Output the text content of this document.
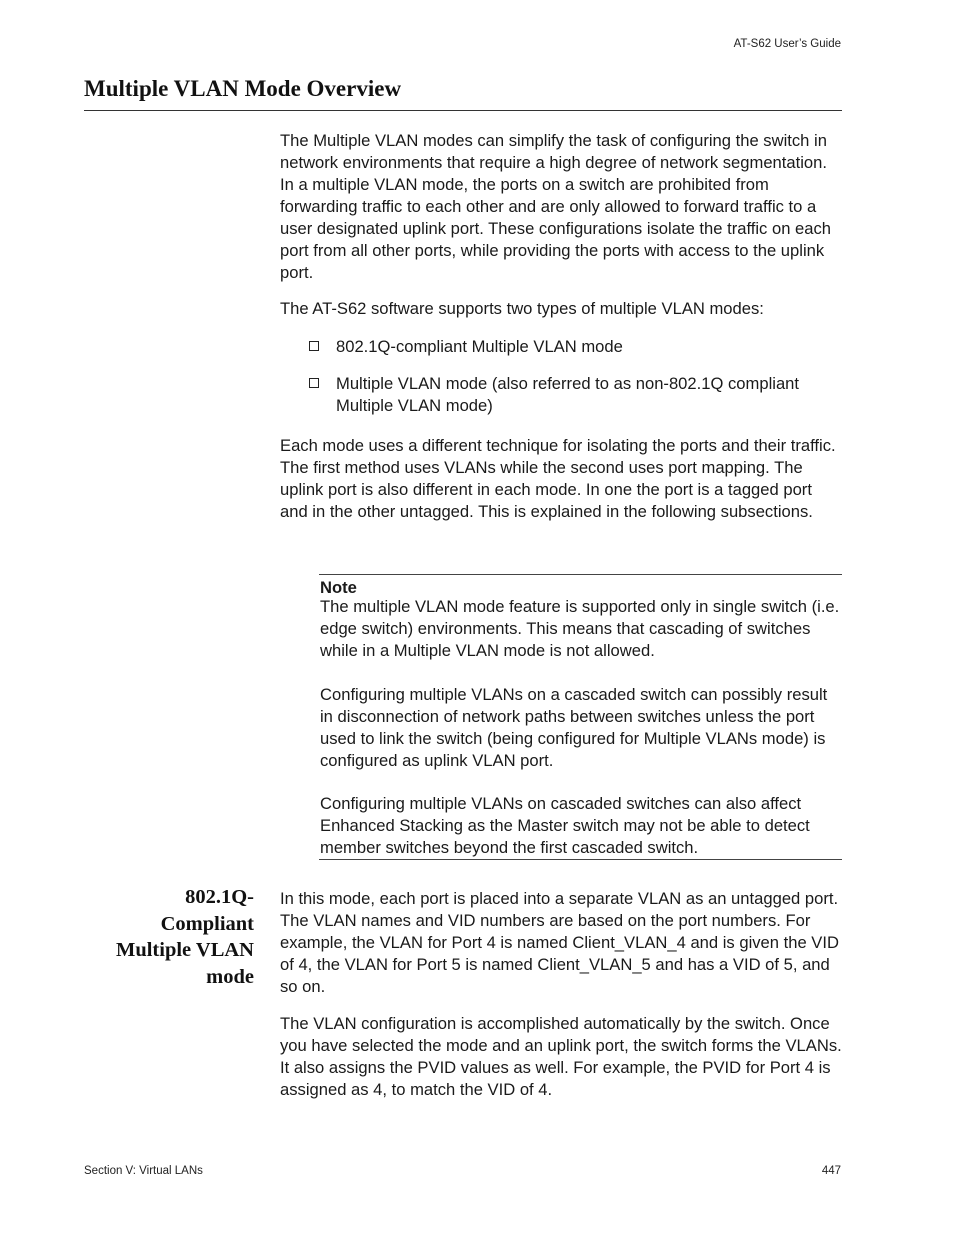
AT-S62 User’s Guide
Multiple VLAN Mode Overview

The Multiple VLAN modes can simplify the task of configuring the switch in network environments that require a high degree of network segmentation. In a multiple VLAN mode, the ports on a switch are prohibited from forwarding traffic to each other and are only allowed to forward traffic to a user designated uplink port. These configurations isolate the traffic on each port from all other ports, while providing the ports with access to the uplink port.

The AT-S62 software supports two types of multiple VLAN modes:

802.1Q-compliant Multiple VLAN mode
Multiple VLAN mode (also referred to as non-802.1Q compliant Multiple VLAN mode)

Each mode uses a different technique for isolating the ports and their traffic. The first method uses VLANs while the second uses port mapping. The uplink port is also different in each mode. In one the port is a tagged port and in the other untagged. This is explained in the following subsections.

Note

The multiple VLAN mode feature is supported only in single switch (i.e. edge switch) environments. This means that cascading of switches while in a Multiple VLAN mode is not allowed.

Configuring multiple VLANs on a cascaded switch can possibly result in disconnection of network paths between switches unless the port used to link the switch (being configured for Multiple VLANs mode) is configured as uplink VLAN port.

Configuring multiple VLANs on cascaded switches can also affect Enhanced Stacking as the Master switch may not be able to detect member switches beyond the first cascaded switch.

802.1Q-
Compliant
Multiple VLAN
mode

In this mode, each port is placed into a separate VLAN as an untagged port. The VLAN names and VID numbers are based on the port numbers. For example, the VLAN for Port 4 is named Client_VLAN_4 and is given the VID of 4, the VLAN for Port 5 is named Client_VLAN_5 and has a VID of 5, and so on.

The VLAN configuration is accomplished automatically by the switch. Once you have selected the mode and an uplink port, the switch forms the VLANs. It also assigns the PVID values as well. For example, the PVID for Port 4 is assigned as 4, to match the VID of 4.

Section V: Virtual LANs	447
